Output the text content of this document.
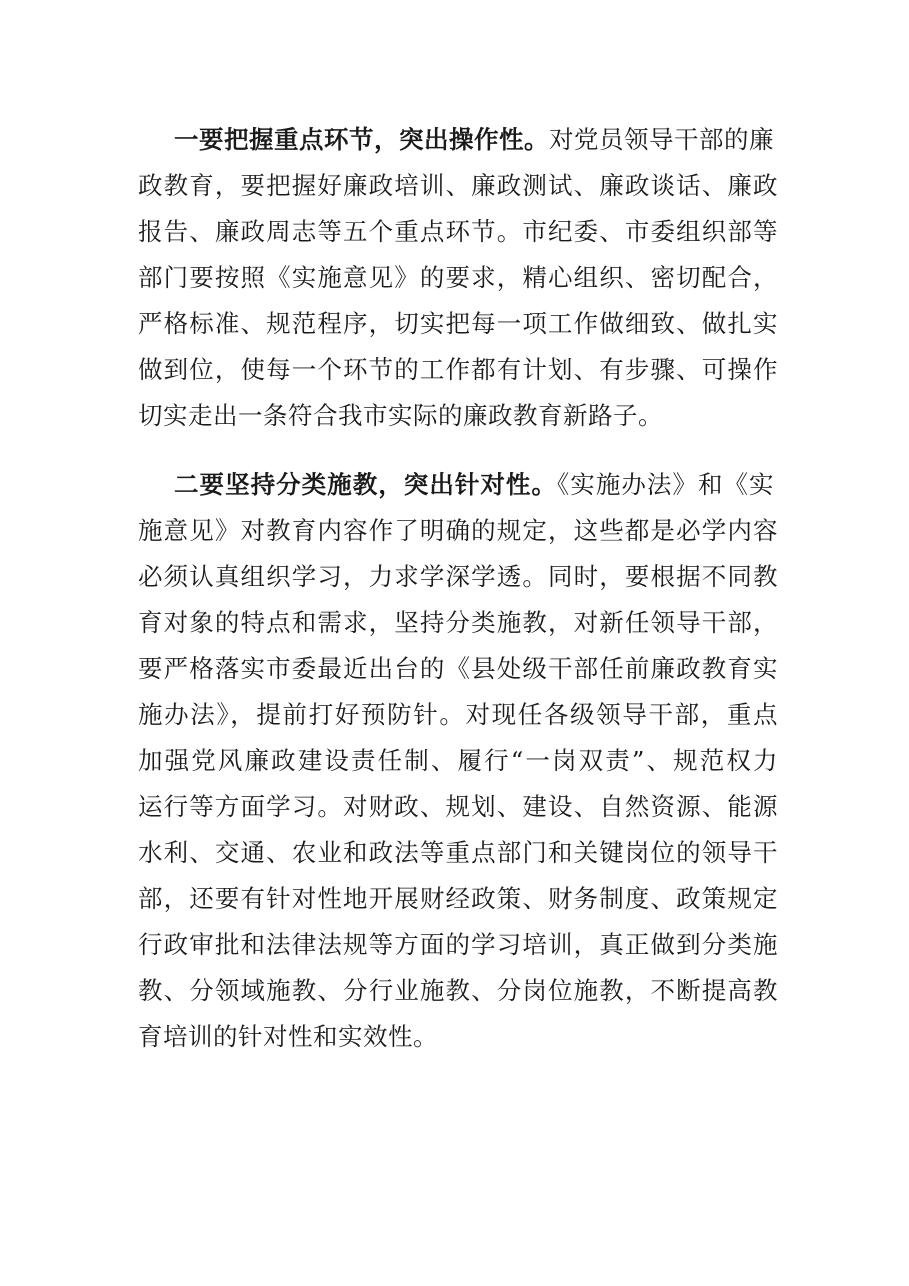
一要把握重点环节，突出操作性。对党员领导干部的廉
政教育，要把握好廉政培训、廉政测试、廉政谈话、廉政
报告、廉政周志等五个重点环节。市纪委、市委组织部等
部门要按照《实施意见》的要求，精心组织、密切配合，
严格标准、规范程序，切实把每一项工作做细致、做扎实
做到位，使每一个环节的工作都有计划、有步骤、可操作
切实走出一条符合我市实际的廉政教育新路子。
二要坚持分类施教，突出针对性。《实施办法》和《实
施意见》对教育内容作了明确的规定，这些都是必学内容
必须认真组织学习，力求学深学透。同时，要根据不同教
育对象的特点和需求，坚持分类施教，对新任领导干部，
要严格落实市委最近出台的《县处级干部任前廉政教育实
施办法》，提前打好预防针。对现任各级领导干部，重点
加强党风廉政建设责任制、履行“一岗双责”、规范权力
运行等方面学习。对财政、规划、建设、自然资源、能源
水利、交通、农业和政法等重点部门和关键岗位的领导干
部，还要有针对性地开展财经政策、财务制度、政策规定
行政审批和法律法规等方面的学习培训，真正做到分类施
教、分领域施教、分行业施教、分岗位施教，不断提高教
育培训的针对性和实效性。
